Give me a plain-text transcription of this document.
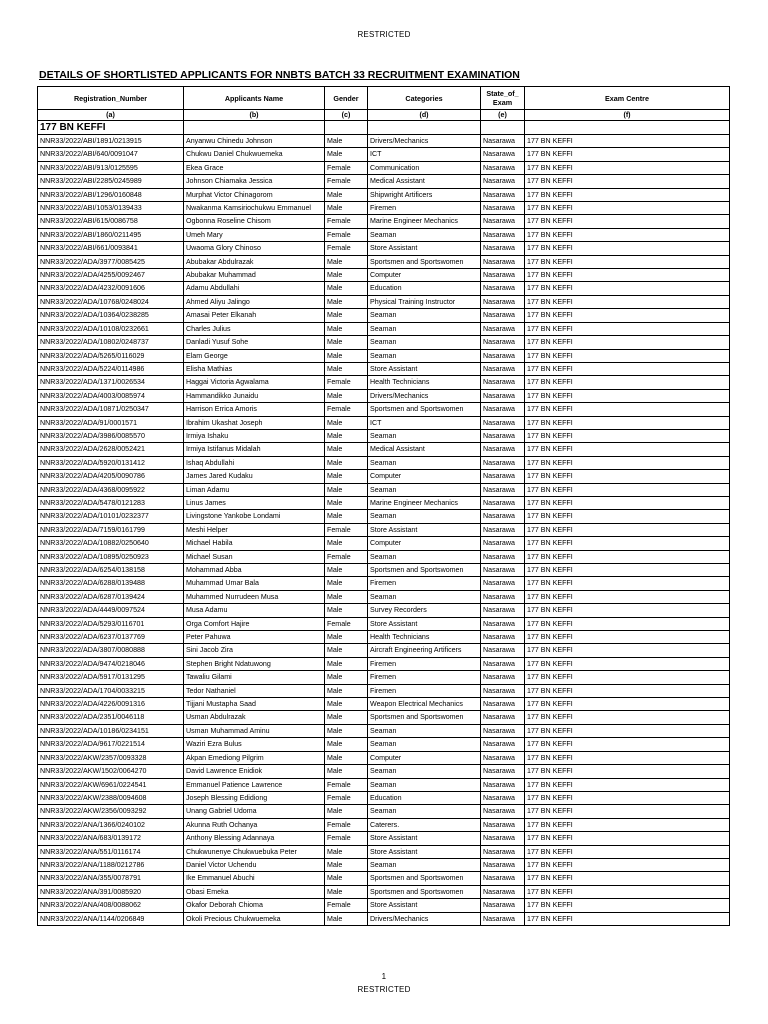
RESTRICTED
DETAILS OF SHORTLISTED APPLICANTS FOR NNBTS BATCH 33 RECRUITMENT EXAMINATION
Registration_Number	Applicants Name	Gender	Categories	State_of_ Exam	Exam Centre
(a)	(b)	(c)	(d)	(e)	(f)
177 BN KEFFI					
NNR33/2022/ABI/1891/0213915	Anyanwu Chinedu Johnson	Male	Drivers/Mechanics	Nasarawa	177 BN KEFFI
NNR33/2022/ABI/640/0091047	Chukwu Daniel Chukwuemeka	Male	ICT	Nasarawa	177 BN KEFFI
NNR33/2022/ABI/913/0125595	Ekea Grace	Female	Communication	Nasarawa	177 BN KEFFI
NNR33/2022/ABI/2285/0245989	Johnson Chiamaka Jessica	Female	Medical Assistant	Nasarawa	177 BN KEFFI
NNR33/2022/ABI/1296/0160848	Murphat Victor Chinagorom	Male	Shipwright Artificers	Nasarawa	177 BN KEFFI
NNR33/2022/ABI/1053/0139433	Nwakanma Kamsiriochukwu Emmanuel	Male	Firemen	Nasarawa	177 BN KEFFI
NNR33/2022/ABI/615/0086758	Ogbonna Roseline Chisom	Female	Marine Engineer Mechanics	Nasarawa	177 BN KEFFI
NNR33/2022/ABI/1860/0211495	Umeh Mary	Female	Seaman	Nasarawa	177 BN KEFFI
NNR33/2022/ABI/661/0093841	Uwaoma Glory Chinoso	Female	Store Assistant	Nasarawa	177 BN KEFFI
NNR33/2022/ADA/3977/0085425	Abubakar Abdulrazak	Male	Sportsmen and Sportswomen	Nasarawa	177 BN KEFFI
NNR33/2022/ADA/4255/0092467	Abubakar Muhammad	Male	Computer	Nasarawa	177 BN KEFFI
NNR33/2022/ADA/4232/0091606	Adamu Abdullahi	Male	Education	Nasarawa	177 BN KEFFI
NNR33/2022/ADA/10768/0248024	Ahmed Aliyu Jalingo	Male	Physical Training Instructor	Nasarawa	177 BN KEFFI
NNR33/2022/ADA/10364/0238285	Amasai Peter Elkanah	Male	Seaman	Nasarawa	177 BN KEFFI
NNR33/2022/ADA/10108/0232661	Charles Julius	Male	Seaman	Nasarawa	177 BN KEFFI
NNR33/2022/ADA/10802/0248737	Danladi Yusuf Sohe	Male	Seaman	Nasarawa	177 BN KEFFI
NNR33/2022/ADA/5265/0116029	Elam George	Male	Seaman	Nasarawa	177 BN KEFFI
NNR33/2022/ADA/5224/0114986	Elisha Mathias	Male	Store Assistant	Nasarawa	177 BN KEFFI
NNR33/2022/ADA/1371/0026534	Haggai Victoria Agwalama	Female	Health Technicians	Nasarawa	177 BN KEFFI
NNR33/2022/ADA/4003/0085974	Hammandikko Junaidu	Male	Drivers/Mechanics	Nasarawa	177 BN KEFFI
NNR33/2022/ADA/10871/0250347	Harrison Errica Amoris	Female	Sportsmen and Sportswomen	Nasarawa	177 BN KEFFI
NNR33/2022/ADA/91/0001571	Ibrahim Ukashat Joseph	Male	ICT	Nasarawa	177 BN KEFFI
NNR33/2022/ADA/3986/0085570	Irmiya Ishaku	Male	Seaman	Nasarawa	177 BN KEFFI
NNR33/2022/ADA/2628/0052421	Irmiya Istifanus Midalah	Male	Medical Assistant	Nasarawa	177 BN KEFFI
NNR33/2022/ADA/5920/0131412	Ishaq Abdullahi	Male	Seaman	Nasarawa	177 BN KEFFI
NNR33/2022/ADA/4205/0090786	James Jared Kudaku	Male	Computer	Nasarawa	177 BN KEFFI
NNR33/2022/ADA/4368/0095922	Liman Adamu	Male	Seaman	Nasarawa	177 BN KEFFI
NNR33/2022/ADA/5478/0121283	Linus James	Male	Marine Engineer Mechanics	Nasarawa	177 BN KEFFI
NNR33/2022/ADA/10101/0232377	Livingstone Yankobe Londami	Male	Seaman	Nasarawa	177 BN KEFFI
NNR33/2022/ADA/7159/0161799	Meshi Helper	Female	Store Assistant	Nasarawa	177 BN KEFFI
NNR33/2022/ADA/10882/0250640	Michael Habila	Male	Computer	Nasarawa	177 BN KEFFI
NNR33/2022/ADA/10895/0250923	Michael Susan	Female	Seaman	Nasarawa	177 BN KEFFI
NNR33/2022/ADA/6254/0138158	Mohammad Abba	Male	Sportsmen and Sportswomen	Nasarawa	177 BN KEFFI
NNR33/2022/ADA/6288/0139488	Muhammad Umar Bala	Male	Firemen	Nasarawa	177 BN KEFFI
NNR33/2022/ADA/6287/0139424	Muhammed Nurrudeen Musa	Male	Seaman	Nasarawa	177 BN KEFFI
NNR33/2022/ADA/4449/0097524	Musa Adamu	Male	Survey Recorders	Nasarawa	177 BN KEFFI
NNR33/2022/ADA/5293/0116701	Orga Comfort Hajire	Female	Store Assistant	Nasarawa	177 BN KEFFI
NNR33/2022/ADA/6237/0137769	Peter Pahuwa	Male	Health Technicians	Nasarawa	177 BN KEFFI
NNR33/2022/ADA/3807/0080888	Sini Jacob Zira	Male	Aircraft Engineering Artificers	Nasarawa	177 BN KEFFI
NNR33/2022/ADA/9474/0218046	Stephen Bright Ndatuwong	Male	Firemen	Nasarawa	177 BN KEFFI
NNR33/2022/ADA/5917/0131295	Tawaliu Gilami	Male	Firemen	Nasarawa	177 BN KEFFI
NNR33/2022/ADA/1704/0033215	Tedor Nathaniel	Male	Firemen	Nasarawa	177 BN KEFFI
NNR33/2022/ADA/4226/0091316	Tijjani Mustapha Saad	Male	Weapon Electrical Mechanics	Nasarawa	177 BN KEFFI
NNR33/2022/ADA/2351/0046118	Usman Abdulrazak	Male	Sportsmen and Sportswomen	Nasarawa	177 BN KEFFI
NNR33/2022/ADA/10186/0234151	Usman Muhammad Aminu	Male	Seaman	Nasarawa	177 BN KEFFI
NNR33/2022/ADA/9617/0221514	Waziri Ezra Bulus	Male	Seaman	Nasarawa	177 BN KEFFI
NNR33/2022/AKW/2357/0093328	Akpan Emediong Pilgrim	Male	Computer	Nasarawa	177 BN KEFFI
NNR33/2022/AKW/1502/0064270	David Lawrence Enidiok	Male	Seaman	Nasarawa	177 BN KEFFI
NNR33/2022/AKW/6961/0224541	Emmanuel Patience Lawrence	Female	Seaman	Nasarawa	177 BN KEFFI
NNR33/2022/AKW/2388/0094608	Joseph Blessing Edidiong	Female	Education	Nasarawa	177 BN KEFFI
NNR33/2022/AKW/2356/0093292	Unang Gabriel Udoma	Male	Seaman	Nasarawa	177 BN KEFFI
NNR33/2022/ANA/1366/0240102	Akunna Ruth Ochanya	Female	Caterers.	Nasarawa	177 BN KEFFI
NNR33/2022/ANA/683/0139172	Anthony Blessing Adannaya	Female	Store Assistant	Nasarawa	177 BN KEFFI
NNR33/2022/ANA/551/0116174	Chukwunenye Chukwuebuka Peter	Male	Store Assistant	Nasarawa	177 BN KEFFI
NNR33/2022/ANA/1188/0212786	Daniel Victor Uchendu	Male	Seaman	Nasarawa	177 BN KEFFI
NNR33/2022/ANA/355/0078791	Ike Emmanuel Abuchi	Male	Sportsmen and Sportswomen	Nasarawa	177 BN KEFFI
NNR33/2022/ANA/391/0085920	Obasi Emeka	Male	Sportsmen and Sportswomen	Nasarawa	177 BN KEFFI
NNR33/2022/ANA/408/0088062	Okafor Deborah Chioma	Female	Store Assistant	Nasarawa	177 BN KEFFI
NNR33/2022/ANA/1144/0206849	Okoli Precious Chukwuemeka	Male	Drivers/Mechanics	Nasarawa	177 BN KEFFI
1
RESTRICTED
